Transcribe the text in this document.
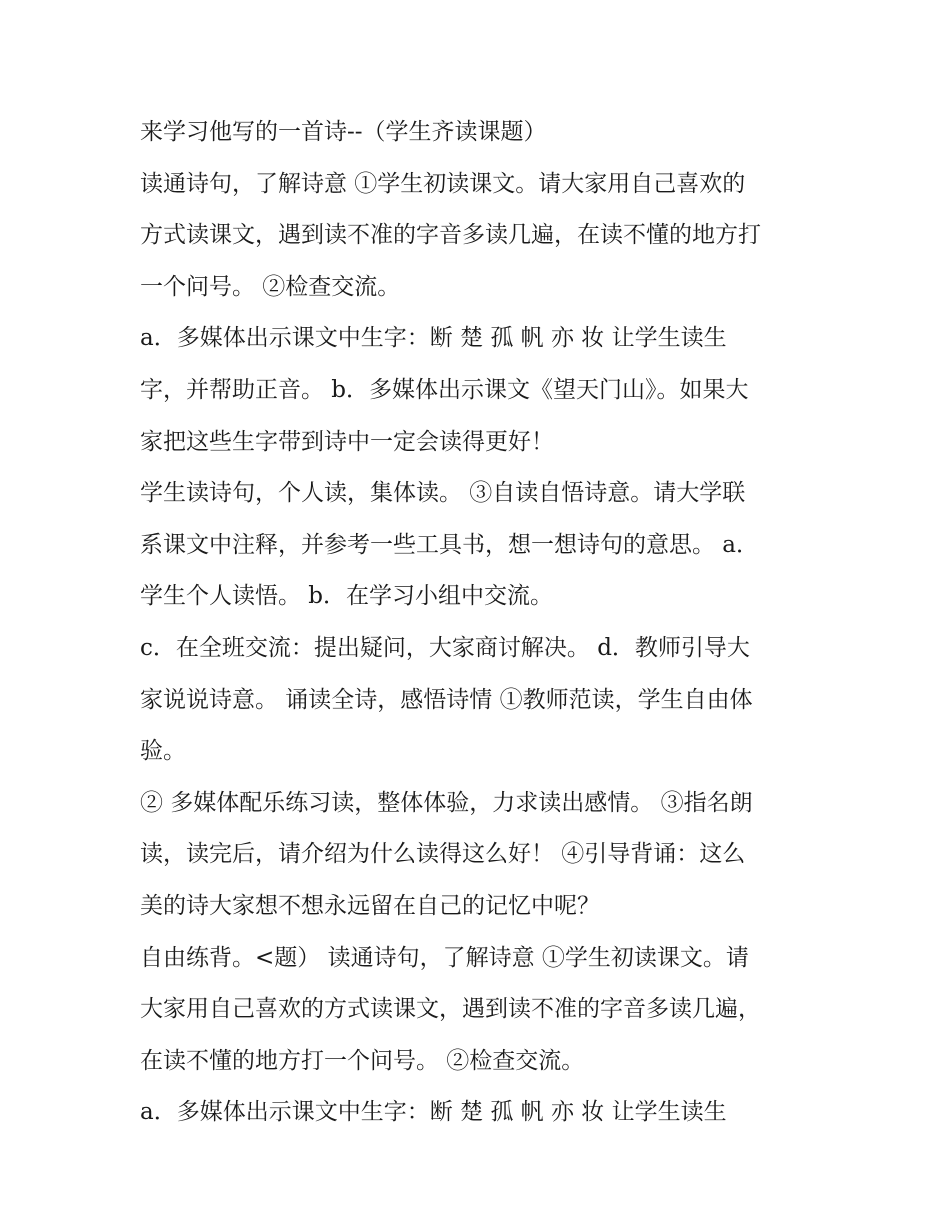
来学习他写的一首诗--（学生齐读课题）
读通诗句，了解诗意 ①学生初读课文。请大家用自己喜欢的
方式读课文，遇到读不准的字音多读几遍，在读不懂的地方打
一个问号。 ②检查交流。
a．多媒体出示课文中生字：断 楚 孤 帆 亦 妆 让学生读生
字，并帮助正音。 b．多媒体出示课文《望天门山》。如果大
家把这些生字带到诗中一定会读得更好！
学生读诗句，个人读，集体读。 ③自读自悟诗意。请大学联
系课文中注释，并参考一些工具书，想一想诗句的意思。 a．
学生个人读悟。 b．在学习小组中交流。
c．在全班交流：提出疑问，大家商讨解决。 d．教师引导大
家说说诗意。 诵读全诗，感悟诗情 ①教师范读，学生自由体
验。
② 多媒体配乐练习读，整体体验，力求读出感情。 ③指名朗
读，读完后，请介绍为什么读得这么好！ ④引导背诵：这么
美的诗大家想不想永远留在自己的记忆中呢？
自由练背。<题） 读通诗句，了解诗意 ①学生初读课文。请
大家用自己喜欢的方式读课文，遇到读不准的字音多读几遍，
在读不懂的地方打一个问号。 ②检查交流。
a．多媒体出示课文中生字：断 楚 孤 帆 亦 妆 让学生读生
